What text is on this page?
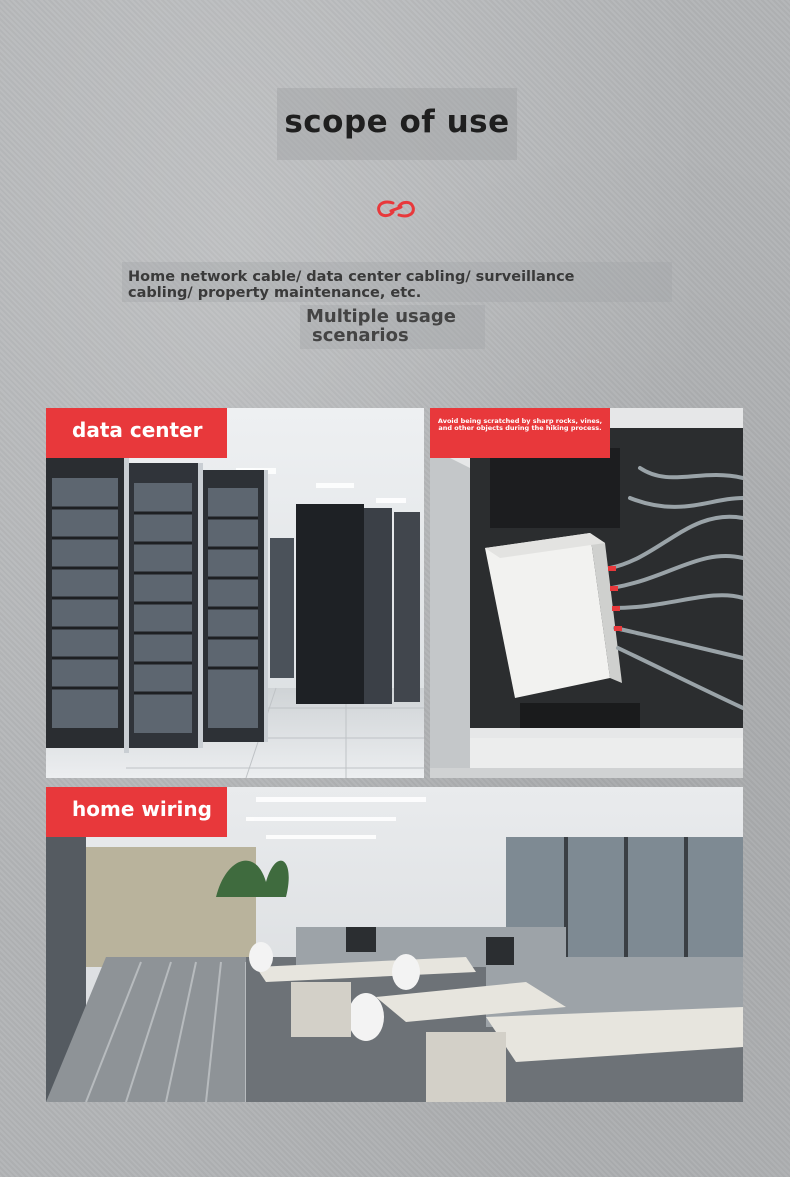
scope of use
Home network cable/ data center cabling/ surveillance cabling/ property maintenance, etc.
Multiple usage
scenarios
data center	Avoid being scratched by sharp rocks, vines, and other objects during the hiking process.
home wiring
